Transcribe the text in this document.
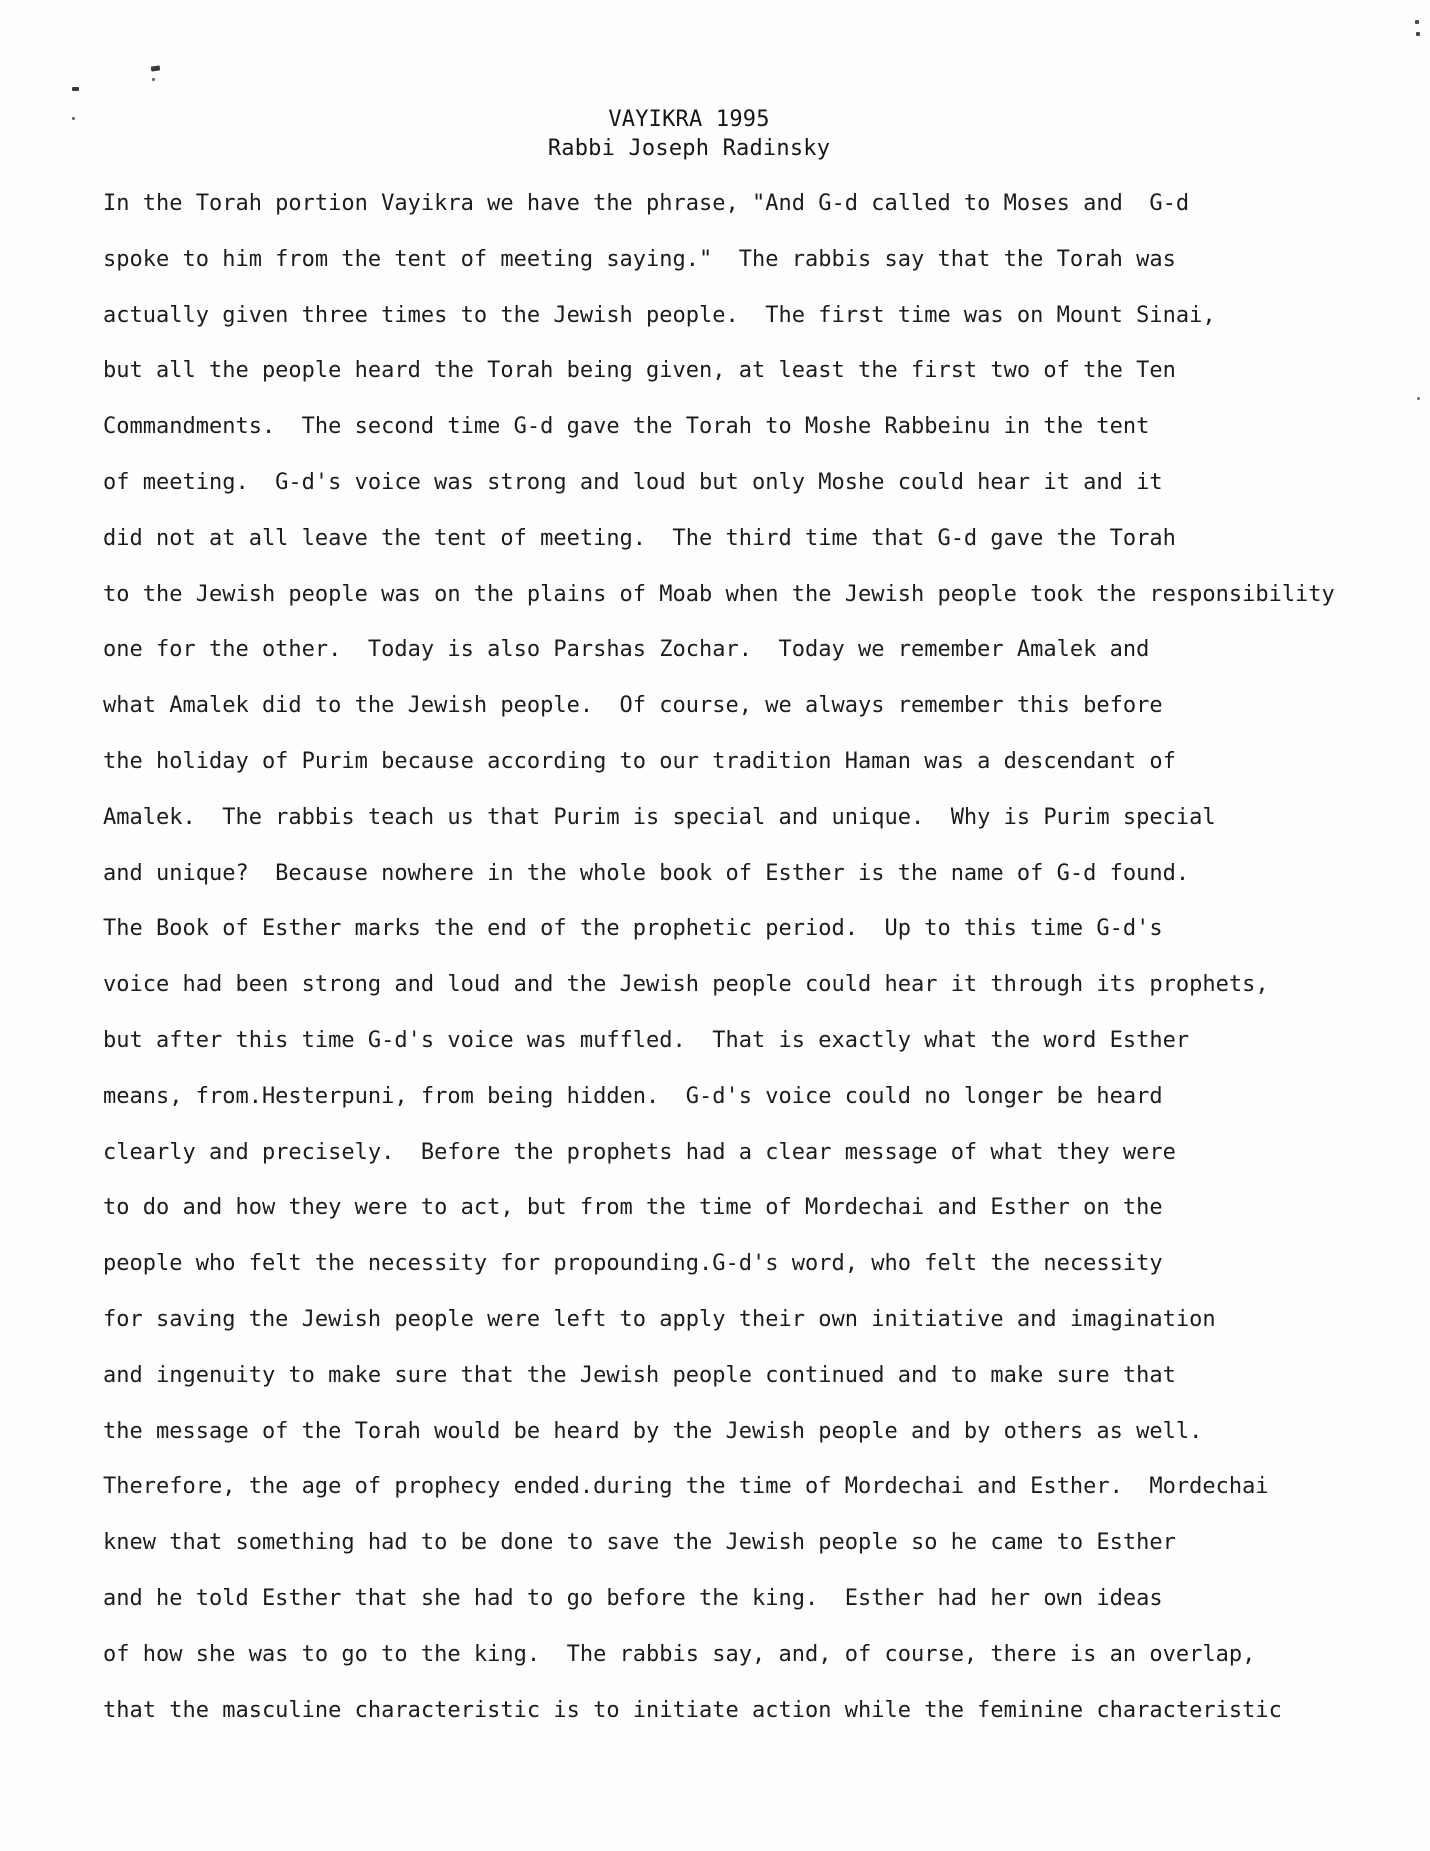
VAYIKRA 1995
Rabbi Joseph Radinsky
In the Torah portion Vayikra we have the phrase, "And G-d called to Moses and  G-d
spoke to him from the tent of meeting saying."  The rabbis say that the Torah was
actually given three times to the Jewish people.  The first time was on Mount Sinai,
but all the people heard the Torah being given, at least the first two of the Ten
Commandments.  The second time G-d gave the Torah to Moshe Rabbeinu in the tent
of meeting.  G-d's voice was strong and loud but only Moshe could hear it and it
did not at all leave the tent of meeting.  The third time that G-d gave the Torah
to the Jewish people was on the plains of Moab when the Jewish people took the responsibility
one for the other.  Today is also Parshas Zochar.  Today we remember Amalek and
what Amalek did to the Jewish people.  Of course, we always remember this before
the holiday of Purim because according to our tradition Haman was a descendant of
Amalek.  The rabbis teach us that Purim is special and unique.  Why is Purim special
and unique?  Because nowhere in the whole book of Esther is the name of G-d found.
The Book of Esther marks the end of the prophetic period.  Up to this time G-d's
voice had been strong and loud and the Jewish people could hear it through its prophets,
but after this time G-d's voice was muffled.  That is exactly what the word Esther
means, from.Hesterpuni, from being hidden.  G-d's voice could no longer be heard
clearly and precisely.  Before the prophets had a clear message of what they were
to do and how they were to act, but from the time of Mordechai and Esther on the
people who felt the necessity for propounding.G-d's word, who felt the necessity
for saving the Jewish people were left to apply their own initiative and imagination
and ingenuity to make sure that the Jewish people continued and to make sure that
the message of the Torah would be heard by the Jewish people and by others as well.
Therefore, the age of prophecy ended.during the time of Mordechai and Esther.  Mordechai
knew that something had to be done to save the Jewish people so he came to Esther
and he told Esther that she had to go before the king.  Esther had her own ideas
of how she was to go to the king.  The rabbis say, and, of course, there is an overlap,
that the masculine characteristic is to initiate action while the feminine characteristic
